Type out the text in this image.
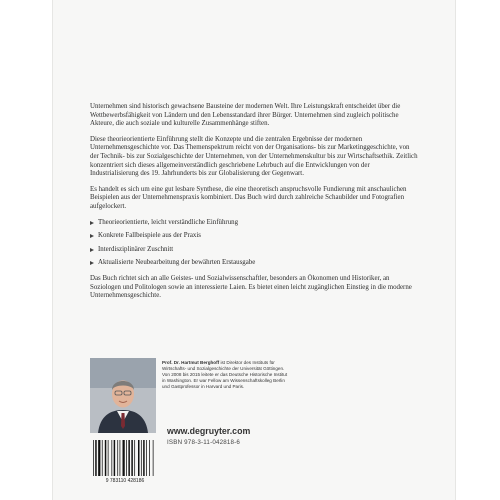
Unternehmen sind historisch gewachsene Bausteine der modernen Welt. Ihre Leistungskraft entscheidet über die Wettbewerbsfähigkeit von Ländern und den Lebensstandard ihrer Bürger. Unternehmen sind zugleich politische Akteure, die auch soziale und kulturelle Zusammenhänge stiften.

Diese theorieorientierte Einführung stellt die Konzepte und die zentralen Ergebnisse der modernen Unternehmensgeschichte vor. Das Themenspektrum reicht von der Organisations- bis zur Marketinggeschichte, von der Technik- bis zur Sozialgeschichte der Unternehmen, von der Unternehmenskultur bis zur Wirtschaftsethik. Zeitlich konzentriert sich dieses allgemeinverständlich geschriebene Lehrbuch auf die Entwicklungen von der Industrialisierung des 19. Jahrhunderts bis zur Globalisierung der Gegenwart.

Es handelt es sich um eine gut lesbare Synthese, die eine theoretisch anspruchsvolle Fundierung mit anschaulichen Beispielen aus der Unternehmenspraxis kombiniert. Das Buch wird durch zahlreiche Schaubilder und Fotografien aufgelockert.

Theorieorientierte, leicht verständliche Einführung
Konkrete Fallbeispiele aus der Praxis
Interdisziplinärer Zuschnitt
Aktualisierte Neubearbeitung der bewährten Erstausgabe

Das Buch richtet sich an alle Geistes- und Sozialwissenschaftler, besonders an Ökonomen und Historiker, an Soziologen und Politologen sowie an interessierte Laien. Es bietet einen leicht zugänglichen Einstieg in die moderne Unternehmensgeschichte.

Prof. Dr. Hartmut Berghoff ist Direktor des Instituts für Wirtschafts- und Sozialgeschichte der Universität Göttingen. Von 2008 bis 2015 leitete er das Deutsche Historische Institut in Washington. Er war Fellow am Wissenschaftskolleg Berlin und Gastprofessor in Harvard und Paris.
9 783110 428186
www.degruyter.com
ISBN 978-3-11-042818-6
